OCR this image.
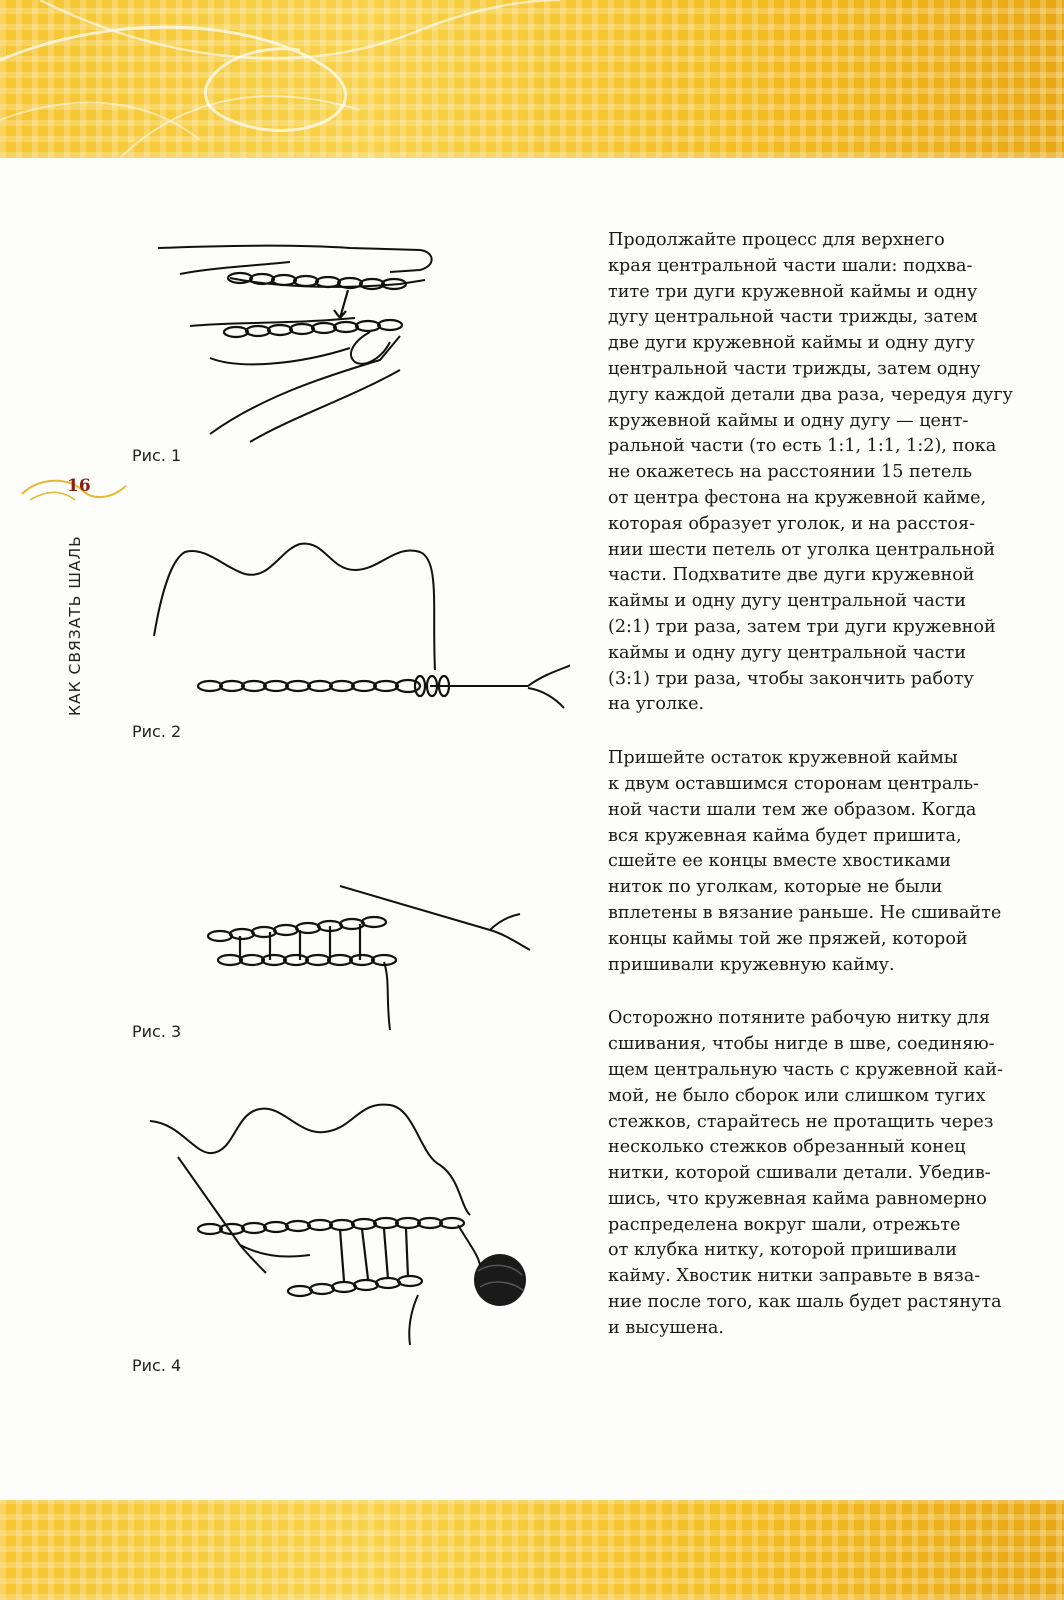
КАК СВЯЗАТЬ ШАЛЬ
16
Рис. 1
Рис. 2
Рис. 3
Рис. 4

Продолжайте процесс для верхнего
края центральной части шали: подхва-
тите три дуги кружевной каймы и одну
дугу центральной части трижды, затем
две дуги кружевной каймы и одну дугу
центральной части трижды, затем одну
дугу каждой детали два раза, чередуя дугу
кружевной каймы и одну дугу — цент-
ральной части (то есть 1:1, 1:1, 1:2), пока
не окажетесь на расстоянии 15 петель
от центра фестона на кружевной кайме,
которая образует уголок, и на расстоя-
нии шести петель от уголка центральной
части. Подхватите две дуги кружевной
каймы и одну дугу центральной части
(2:1) три раза, затем три дуги кружевной
каймы и одну дугу центральной части
(3:1) три раза, чтобы закончить работу
на уголке.

Пришейте остаток кружевной каймы
к двум оставшимся сторонам централь-
ной части шали тем же образом. Когда
вся кружевная кайма будет пришита,
сшейте ее концы вместе хвостиками
ниток по уголкам, которые не были
вплетены в вязание раньше. Не сшивайте
концы каймы той же пряжей, которой
пришивали кружевную кайму.

Осторожно потяните рабочую нитку для
сшивания, чтобы нигде в шве, соединяю-
щем центральную часть с кружевной кай-
мой, не было сборок или слишком тугих
стежков, старайтесь не протащить через
несколько стежков обрезанный конец
нитки, которой сшивали детали. Убедив-
шись, что кружевная кайма равномерно
распределена вокруг шали, отрежьте
от клубка нитку, которой пришивали
кайму. Хвостик нитки заправьте в вяза-
ние после того, как шаль будет растянута
и высушена.
